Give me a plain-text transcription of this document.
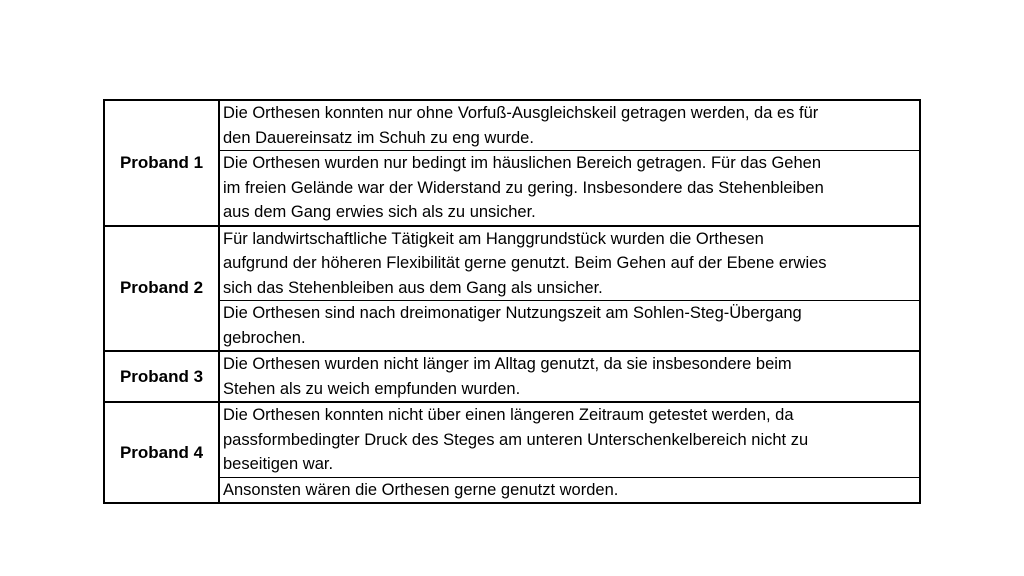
Proband 1	Die Orthesen konnten nur ohne Vorfuß-Ausgleichskeil getragen werden, da es für
den Dauereinsatz im Schuh zu eng wurde.

	Die Orthesen wurden nur bedingt im häuslichen Bereich getragen. Für das Gehen
im freien Gelände war der Widerstand zu gering. Insbesondere das Stehenbleiben
aus dem Gang erwies sich als zu unsicher.

Proband 2	Für landwirtschaftliche Tätigkeit am Hanggrundstück wurden die Orthesen
aufgrund der höheren Flexibilität gerne genutzt. Beim Gehen auf der Ebene erwies
sich das Stehenbleiben aus dem Gang als unsicher.

	Die Orthesen sind nach dreimonatiger Nutzungszeit am Sohlen-Steg-Übergang
gebrochen.

Proband 3	Die Orthesen wurden nicht länger im Alltag genutzt, da sie insbesondere beim
Stehen als zu weich empfunden wurden.

Proband 4	Die Orthesen konnten nicht über einen längeren Zeitraum getestet werden, da
passformbedingter Druck des Steges am unteren Unterschenkelbereich nicht zu
beseitigen war.

	Ansonsten wären die Orthesen gerne genutzt worden.
